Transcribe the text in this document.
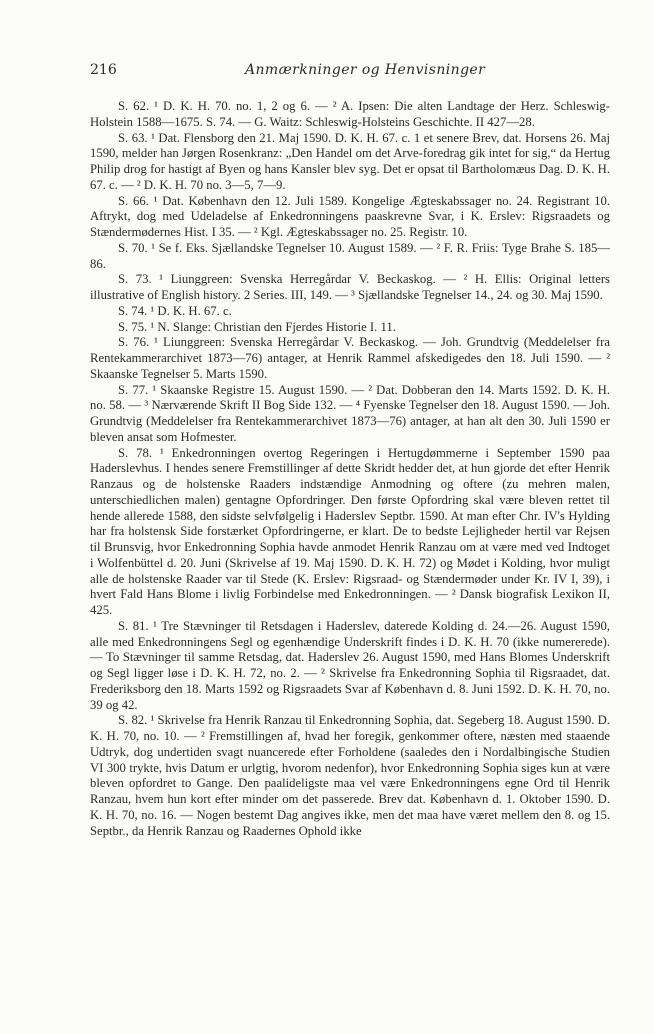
216	Anmærkninger og Henvisninger

S. 62. ¹ D. K. H. 70. no. 1, 2 og 6. — ² A. Ipsen: Die alten Landtage der Herz. Schleswig-Holstein 1588—1675. S. 74. — G. Waitz: Schleswig-Holsteins Geschichte. II 427—28.

S. 63. ¹ Dat. Flensborg den 21. Maj 1590. D. K. H. 67. c. 1 et senere Brev, dat. Horsens 26. Maj 1590, melder han Jørgen Rosenkranz: „Den Handel om det Arve-foredrag gik intet for sig,“ da Hertug Philip drog for hastigt af Byen og hans Kansler blev syg. Det er opsat til Bartholomæus Dag. D. K. H. 67. c. — ² D. K. H. 70 no. 3—5, 7—9.

S. 66. ¹ Dat. København den 12. Juli 1589. Kongelige Ægteskabssager no. 24. Registrant 10. Aftrykt, dog med Udeladelse af Enkedronningens paaskrevne Svar, i K. Erslev: Rigsraadets og Stændermødernes Hist. I 35. — ² Kgl. Ægteskabssager no. 25. Registr. 10.

S. 70. ¹ Se f. Eks. Sjællandske Tegnelser 10. August 1589. — ² F. R. Friis: Tyge Brahe S. 185—86.

S. 73. ¹ Liunggreen: Svenska Herregårdar V. Beckaskog. — ² H. Ellis: Original letters illustrative of English history. 2 Series. III, 149. — ³ Sjællandske Tegnelser 14., 24. og 30. Maj 1590.

S. 74. ¹ D. K. H. 67. c.

S. 75. ¹ N. Slange: Christian den Fjerdes Historie I. 11.

S. 76. ¹ Liunggreen: Svenska Herregårdar V. Beckaskog. — Joh. Grundtvig (Meddelelser fra Rentekammerarchivet 1873—76) antager, at Henrik Rammel afskedigedes den 18. Juli 1590. — ² Skaanske Tegnelser 5. Marts 1590.

S. 77. ¹ Skaanske Registre 15. August 1590. — ² Dat. Dobberan den 14. Marts 1592. D. K. H. no. 58. — ³ Nærværende Skrift II Bog Side 132. — ⁴ Fyenske Tegnelser den 18. August 1590. — Joh. Grundtvig (Meddelelser fra Rentekammerarchivet 1873—76) antager, at han alt den 30. Juli 1590 er bleven ansat som Hofmester.

S. 78. ¹ Enkedronningen overtog Regeringen i Hertugdømmerne i September 1590 paa Haderslevhus. I hendes senere Fremstillinger af dette Skridt hedder det, at hun gjorde det efter Henrik Ranzaus og de holstenske Raaders indstændige Anmodning og oftere (zu mehren malen, unterschiedlichen malen) gentagne Opfordringer. Den første Opfordring skal være bleven rettet til hende allerede 1588, den sidste selvfølgelig i Haderslev Septbr. 1590. At man efter Chr. IV's Hylding har fra holstensk Side forstærket Opfordringerne, er klart. De to bedste Lejligheder hertil var Rejsen til Brunsvig, hvor Enkedronning Sophia havde anmodet Henrik Ranzau om at være med ved Indtoget i Wolfenbüttel d. 20. Juni (Skrivelse af 19. Maj 1590. D. K. H. 72) og Mødet i Kolding, hvor muligt alle de holstenske Raader var til Stede (K. Erslev: Rigsraad- og Stændermøder under Kr. IV I, 39), i hvert Fald Hans Blome i livlig Forbindelse med Enkedronningen. — ² Dansk biografisk Lexikon II, 425.

S. 81. ¹ Tre Stævninger til Retsdagen i Haderslev, daterede Kolding d. 24.—26. August 1590, alle med Enkedronningens Segl og egenhændige Underskrift findes i D. K. H. 70 (ikke numererede). — To Stævninger til samme Retsdag, dat. Haderslev 26. August 1590, med Hans Blomes Underskrift og Segl ligger løse i D. K. H. 72, no. 2. — ² Skrivelse fra Enkedronning Sophia til Rigsraadet, dat. Frederiksborg den 18. Marts 1592 og Rigsraadets Svar af København d. 8. Juni 1592. D. K. H. 70, no. 39 og 42.

S. 82. ¹ Skrivelse fra Henrik Ranzau til Enkedronning Sophia, dat. Segeberg 18. August 1590. D. K. H. 70, no. 10. — ² Fremstillingen af, hvad her foregik, genkommer oftere, næsten med staaende Udtryk, dog undertiden svagt nuancerede efter Forholdene (saaledes den i Nordalbingische Studien VI 300 trykte, hvis Datum er urlgtig, hvorom nedenfor), hvor Enkedronning Sophia siges kun at være bleven opfordret to Gange. Den paalideligste maa vel være Enkedronningens egne Ord til Henrik Ranzau, hvem hun kort efter minder om det passerede. Brev dat. København d. 1. Oktober 1590. D. K. H. 70, no. 16. — Nogen bestemt Dag angives ikke, men det maa have været mellem den 8. og 15. Septbr., da Henrik Ranzau og Raadernes Ophold ikke
